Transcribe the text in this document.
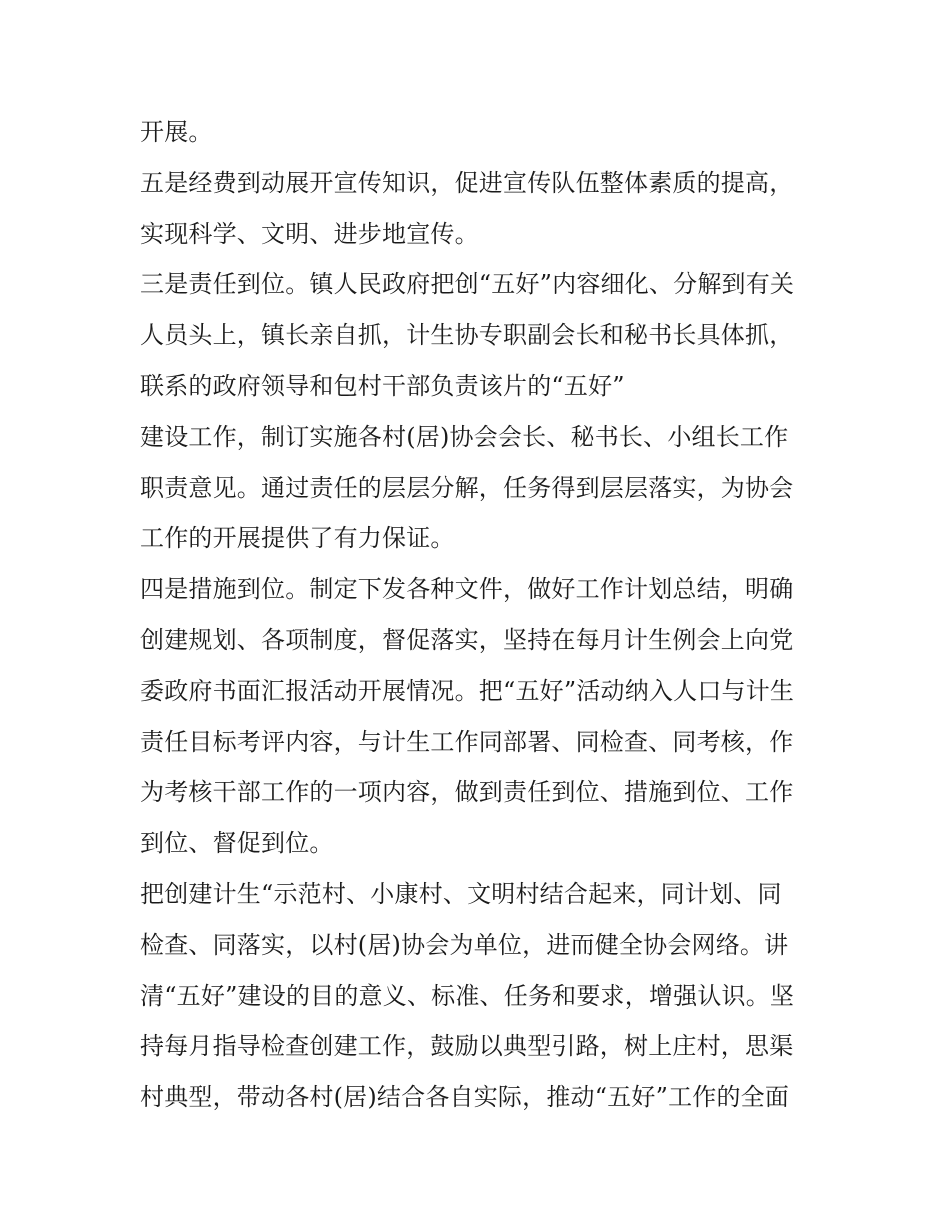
开展。
五是经费到动展开宣传知识，促进宣传队伍整体素质的提高，
实现科学、文明、进步地宣传。
三是责任到位。镇人民政府把创“五好”内容细化、分解到有关
人员头上，镇长亲自抓，计生协专职副会长和秘书长具体抓，
联系的政府领导和包村干部负责该片的“五好”
建设工作，制订实施各村(居)协会会长、秘书长、小组长工作
职责意见。通过责任的层层分解，任务得到层层落实，为协会
工作的开展提供了有力保证。
四是措施到位。制定下发各种文件，做好工作计划总结，明确
创建规划、各项制度，督促落实，坚持在每月计生例会上向党
委政府书面汇报活动开展情况。把“五好”活动纳入人口与计生
责任目标考评内容，与计生工作同部署、同检查、同考核，作
为考核干部工作的一项内容，做到责任到位、措施到位、工作
到位、督促到位。
把创建计生“示范村、小康村、文明村结合起来，同计划、同
检查、同落实，以村(居)协会为单位，进而健全协会网络。讲
清“五好”建设的目的意义、标准、任务和要求，增强认识。坚
持每月指导检查创建工作，鼓励以典型引路，树上庄村，思渠
村典型，带动各村(居)结合各自实际，推动“五好”工作的全面
